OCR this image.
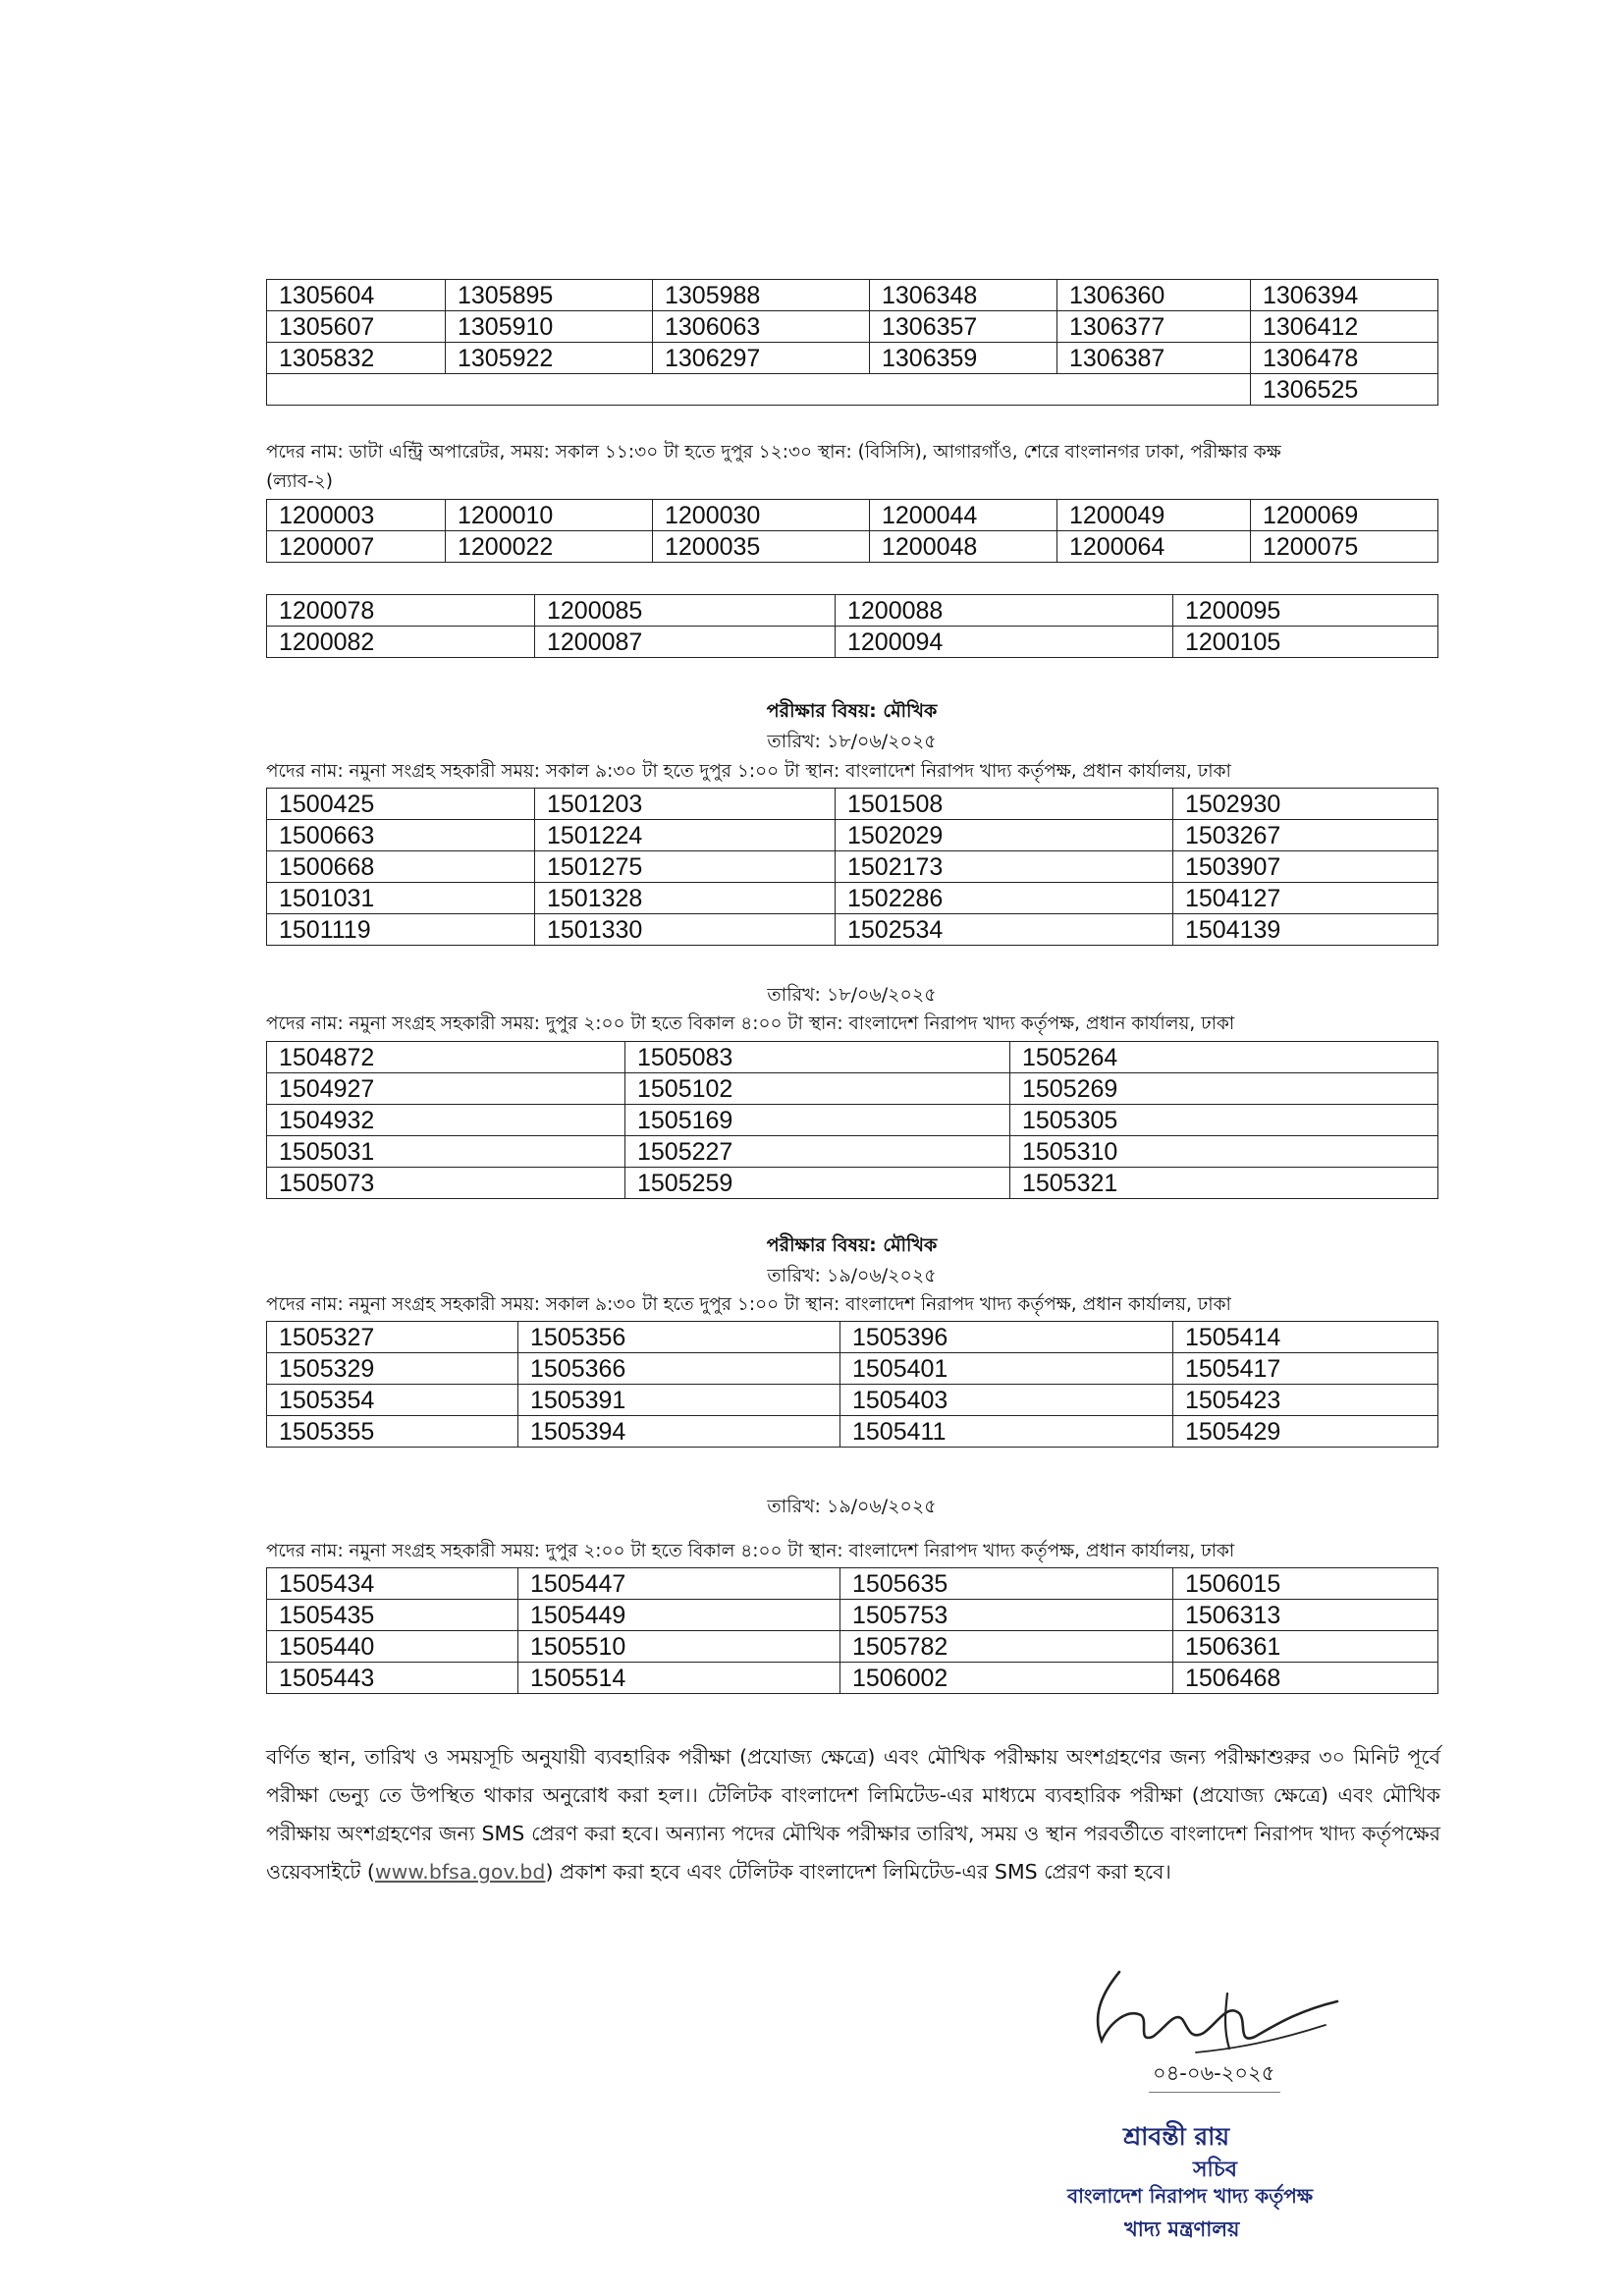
1305604	1305895	1305988	1306348	1306360	1306394
1305607	1305910	1306063	1306357	1306377	1306412
1305832	1305922	1306297	1306359	1306387	1306478
					1306525
পদের নাম: ডাটা এন্ট্রি অপারেটর, সময়: সকাল ১১:৩০ টা হতে দুপুর ১২:৩০ স্থান: (বিসিসি), আগারগাঁও, শেরে বাংলানগর ঢাকা, পরীক্ষার কক্ষ
(ল্যাব-২)
1200003	1200010	1200030	1200044	1200049	1200069
1200007	1200022	1200035	1200048	1200064	1200075
1200078	1200085	1200088	1200095
1200082	1200087	1200094	1200105
পরীক্ষার বিষয়: মৌখিক
তারিখ: ১৮/০৬/২০২৫
পদের নাম: নমুনা সংগ্রহ সহকারী সময়: সকাল ৯:৩০ টা হতে দুপুর ১:০০ টা স্থান: বাংলাদেশ নিরাপদ খাদ্য কর্তৃপক্ষ, প্রধান কার্যালয়, ঢাকা
1500425	1501203	1501508	1502930
1500663	1501224	1502029	1503267
1500668	1501275	1502173	1503907
1501031	1501328	1502286	1504127
1501119	1501330	1502534	1504139
তারিখ: ১৮/০৬/২০২৫
পদের নাম: নমুনা সংগ্রহ সহকারী সময়: দুপুর ২:০০ টা হতে বিকাল ৪:০০ টা স্থান: বাংলাদেশ নিরাপদ খাদ্য কর্তৃপক্ষ, প্রধান কার্যালয়, ঢাকা
1504872	1505083	1505264
1504927	1505102	1505269
1504932	1505169	1505305
1505031	1505227	1505310
1505073	1505259	1505321
পরীক্ষার বিষয়: মৌখিক
তারিখ: ১৯/০৬/২০২৫
পদের নাম: নমুনা সংগ্রহ সহকারী সময়: সকাল ৯:৩০ টা হতে দুপুর ১:০০ টা স্থান: বাংলাদেশ নিরাপদ খাদ্য কর্তৃপক্ষ, প্রধান কার্যালয়, ঢাকা
1505327	1505356	1505396	1505414
1505329	1505366	1505401	1505417
1505354	1505391	1505403	1505423
1505355	1505394	1505411	1505429
তারিখ: ১৯/০৬/২০২৫
পদের নাম: নমুনা সংগ্রহ সহকারী সময়: দুপুর ২:০০ টা হতে বিকাল ৪:০০ টা স্থান: বাংলাদেশ নিরাপদ খাদ্য কর্তৃপক্ষ, প্রধান কার্যালয়, ঢাকা
1505434	1505447	1505635	1506015
1505435	1505449	1505753	1506313
1505440	1505510	1505782	1506361
1505443	1505514	1506002	1506468

বর্ণিত স্থান, তারিখ ও সময়সূচি অনুযায়ী ব্যবহারিক পরীক্ষা (প্রযোজ্য ক্ষেত্রে) এবং মৌখিক পরীক্ষায় অংশগ্রহণের জন্য পরীক্ষাশুরুর ৩০ মিনিট পূর্বে পরীক্ষা ভেন্যু তে উপস্থিত থাকার অনুরোধ করা হল।। টেলিটক বাংলাদেশ লিমিটেড-এর মাধ্যমে ব্যবহারিক পরীক্ষা (প্রযোজ্য ক্ষেত্রে) এবং মৌখিক পরীক্ষায় অংশগ্রহণের জন্য SMS প্রেরণ করা হবে। অন্যান্য পদের মৌখিক পরীক্ষার তারিখ, সময় ও স্থান পরবর্তীতে বাংলাদেশ নিরাপদ খাদ্য কর্তৃপক্ষের ওয়েবসাইটে (www.bfsa.gov.bd) প্রকাশ করা হবে এবং টেলিটক বাংলাদেশ লিমিটেড-এর SMS প্রেরণ করা হবে।

০৪-০৬-২০২৫
শ্রাবন্তী রায়
সচিব
বাংলাদেশ নিরাপদ খাদ্য কর্তৃপক্ষ
খাদ্য মন্ত্রণালয়
